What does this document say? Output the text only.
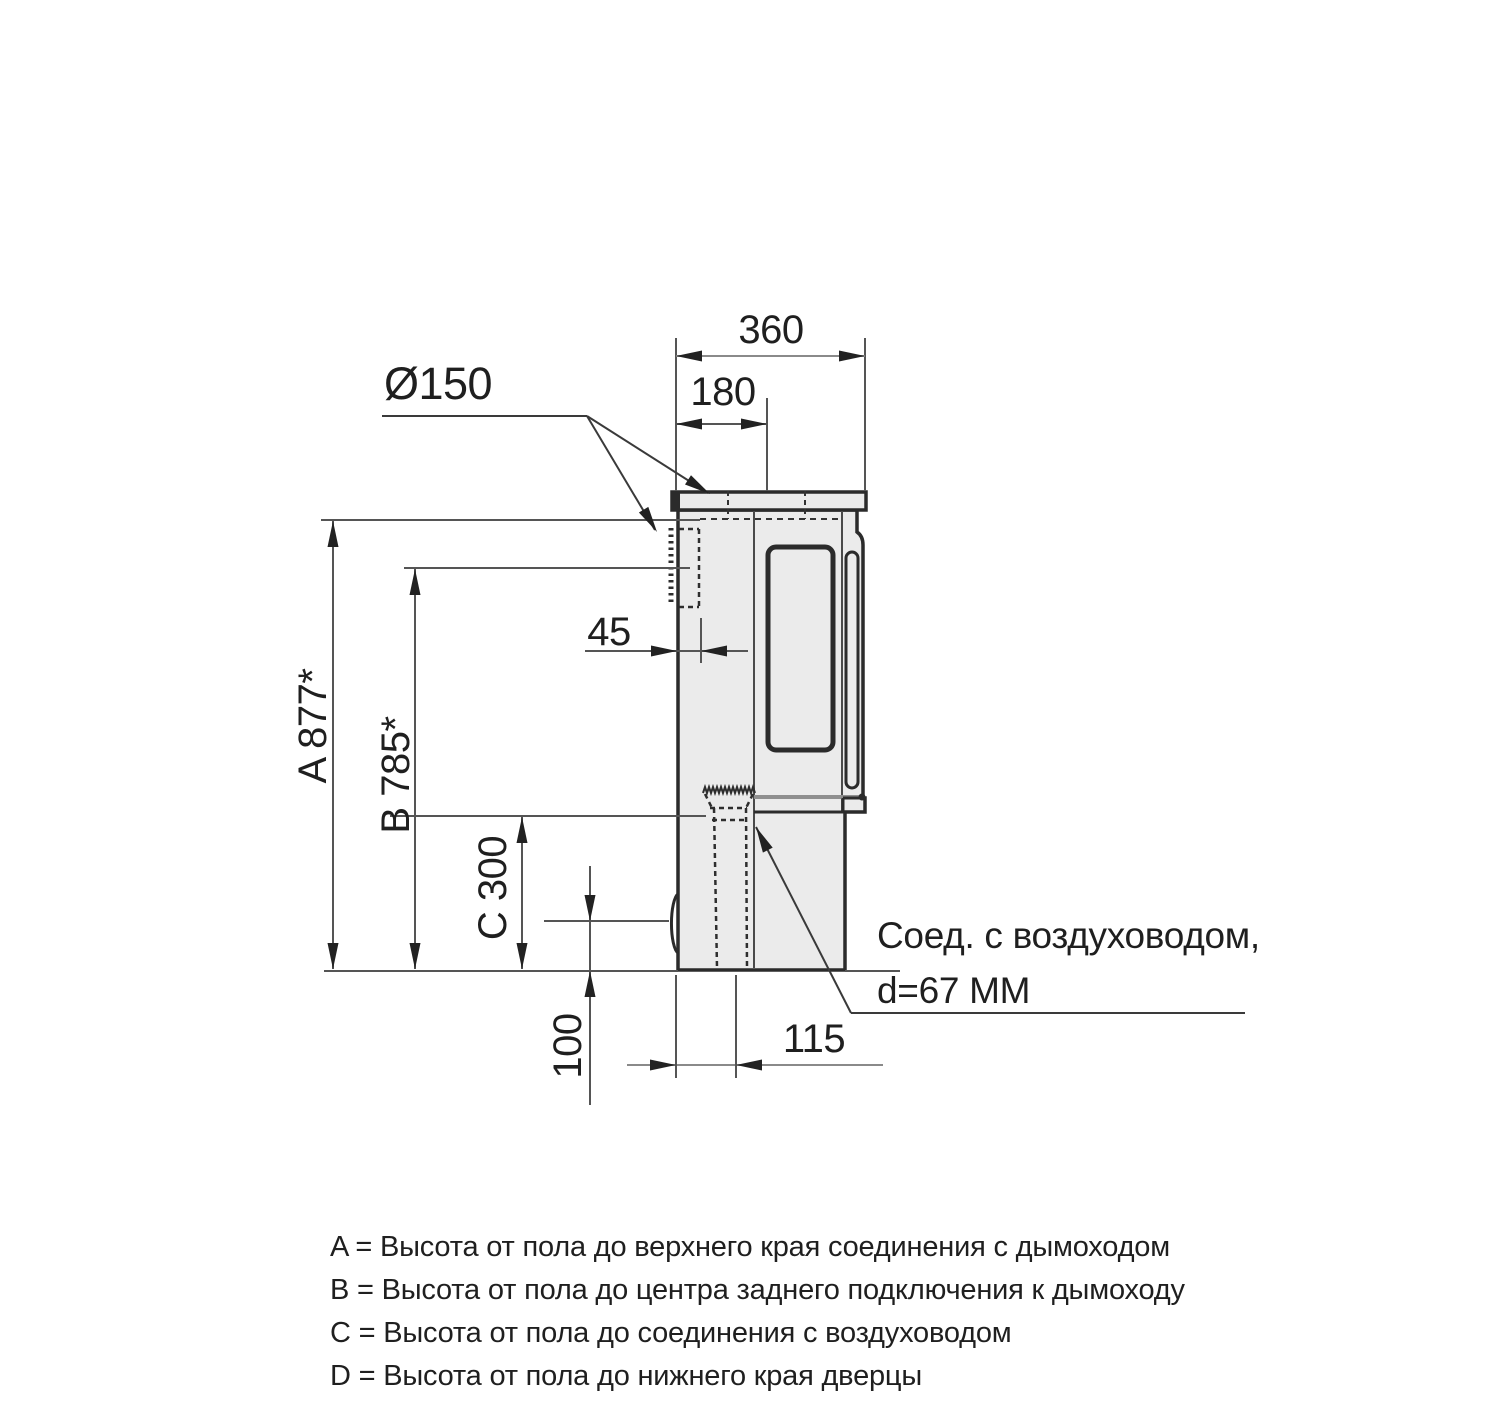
360
180
Ø150
45
A 877* B 785*
C 300
100	115
Соед. с воздуховодом,
d=67 ММ
A = Высота от пола до верхнего края соединения с дымоходом
B = Высота от пола до центра заднего подключения к дымоходу
C = Высота от пола до соединения с воздуховодом
D = Высота от пола до нижнего края дверцы
